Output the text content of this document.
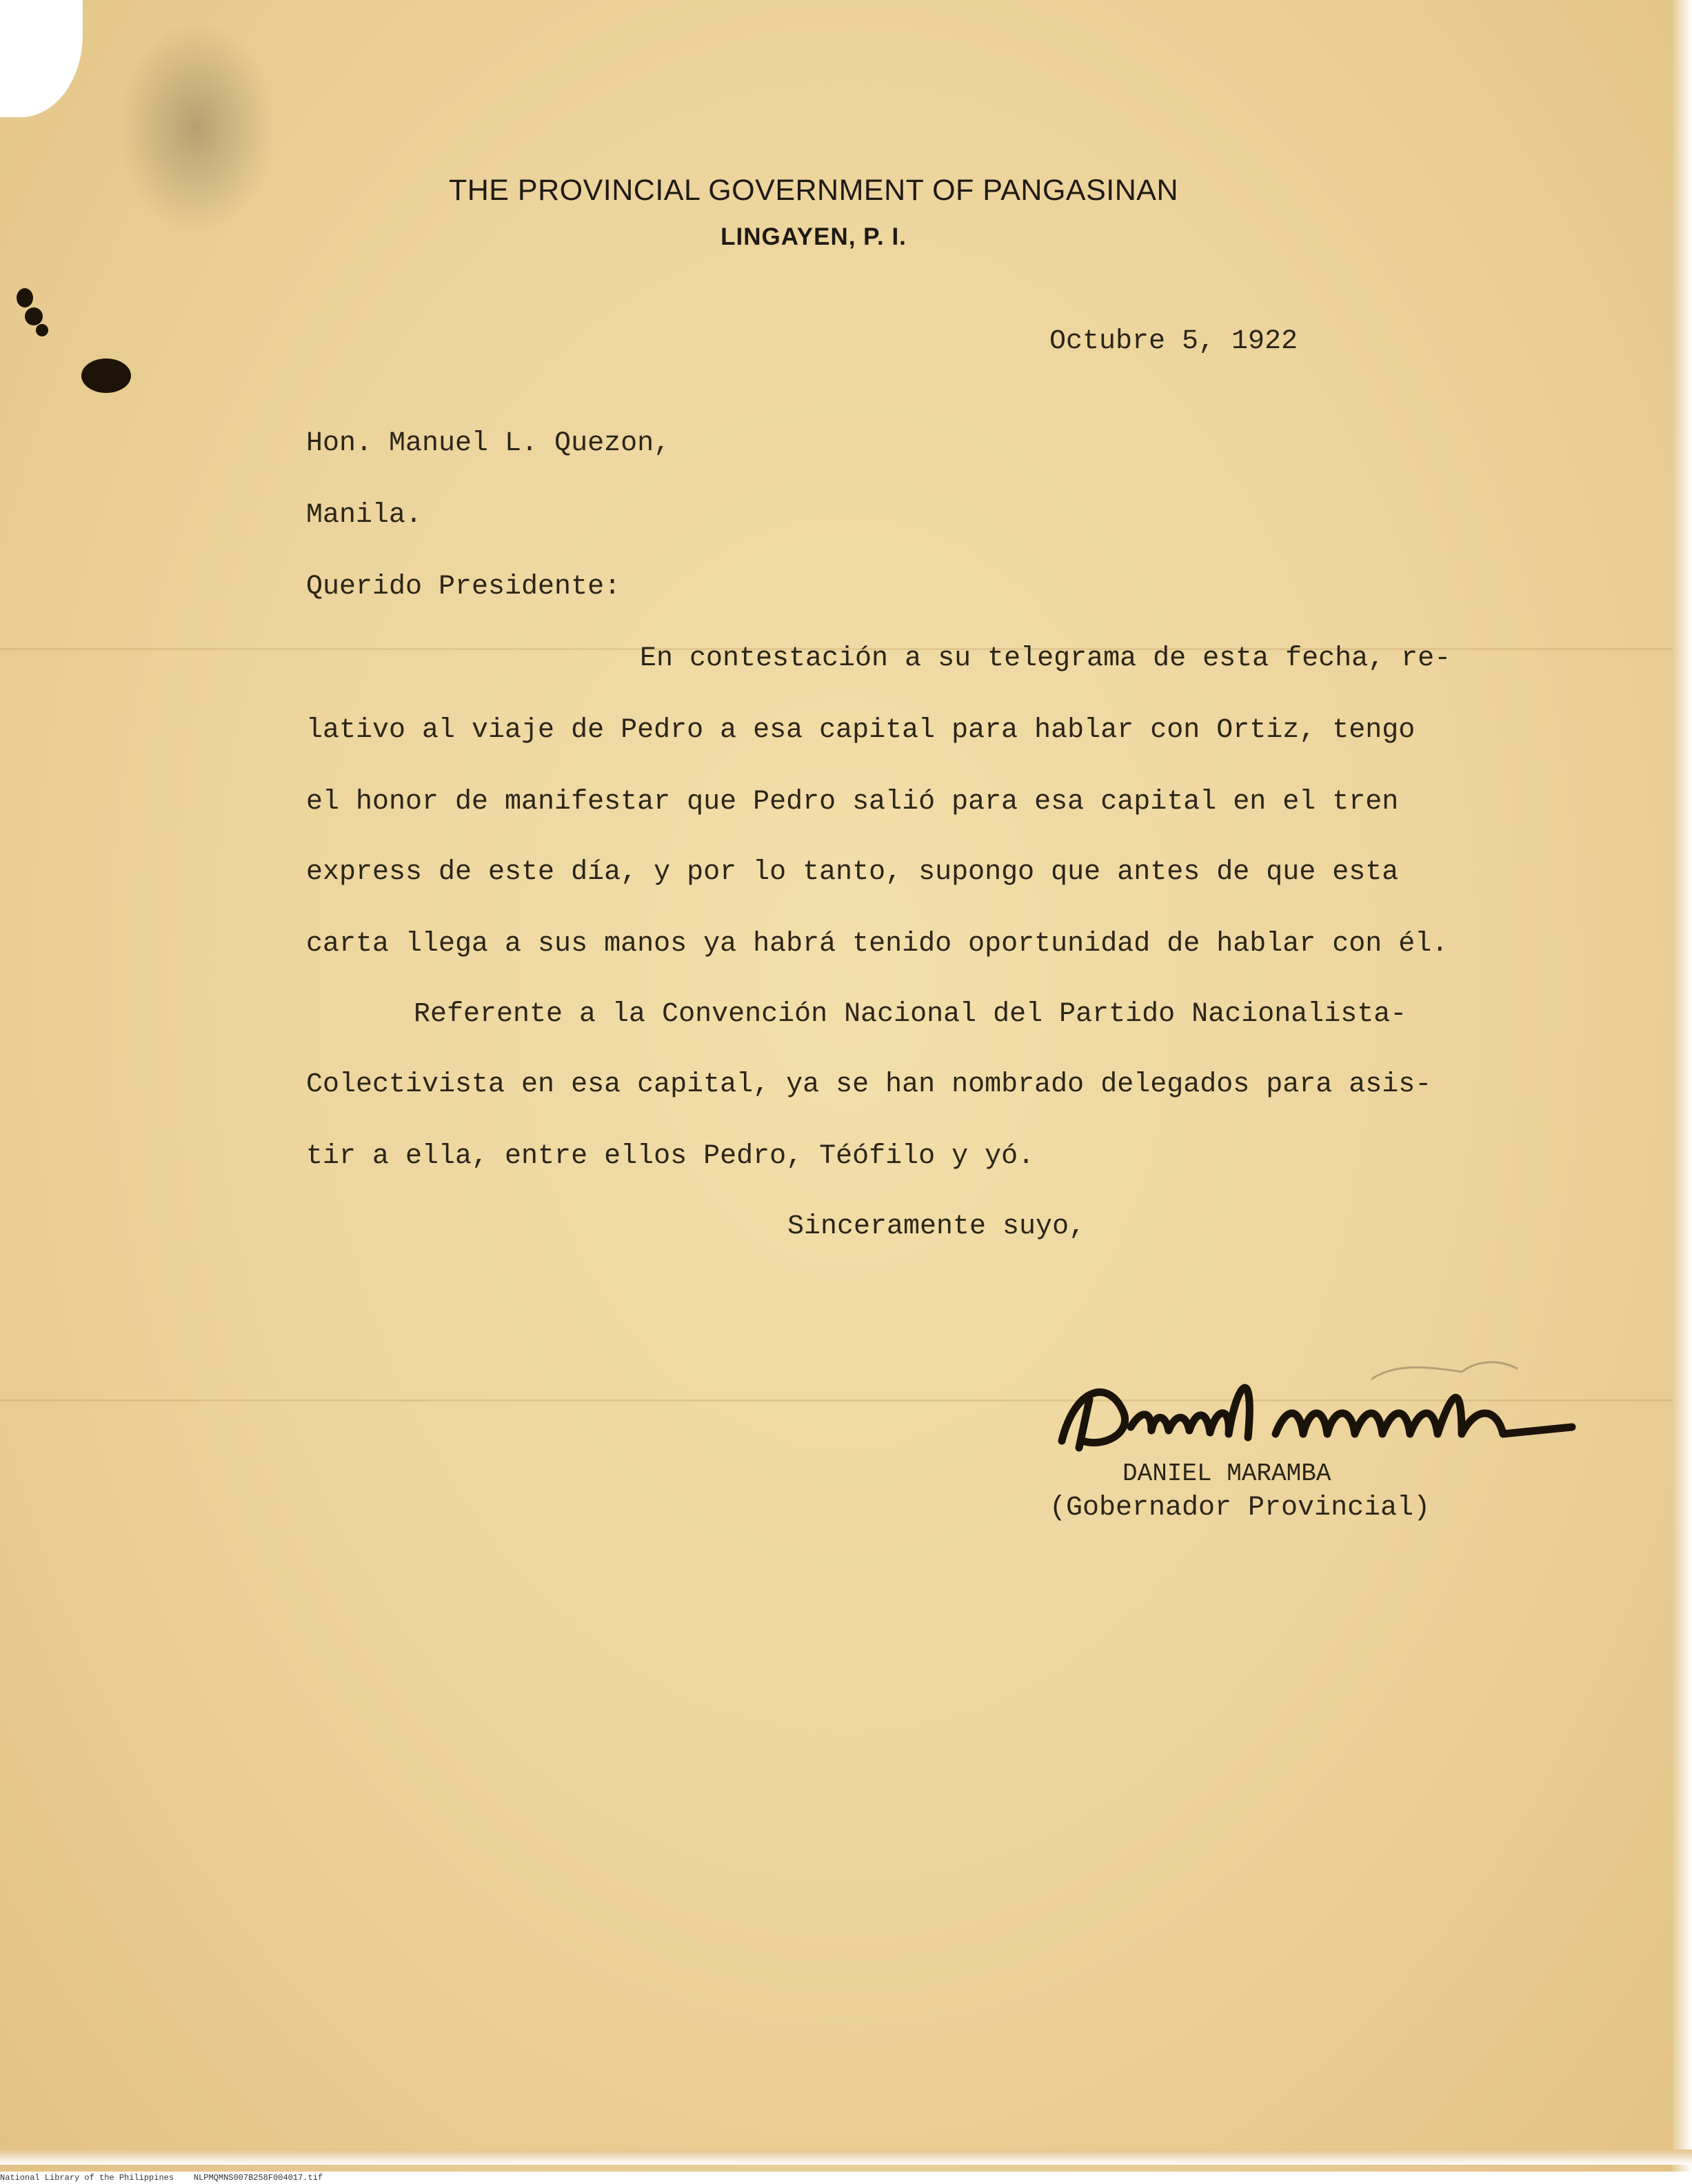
THE PROVINCIAL GOVERNMENT OF PANGASINAN
LINGAYEN, P. I.
Octubre 5, 1922
Hon. Manuel L. Quezon,
Manila.
Querido Presidente:
En contestación a su telegrama de esta fecha, re-
lativo al viaje de Pedro a esa capital para hablar con Ortiz, tengo
el honor de manifestar que Pedro salió para esa capital en el tren
express de este día, y por lo tanto, supongo que antes de que esta
carta llega a sus manos ya habrá tenido oportunidad de hablar con él.
Referente a la Convención Nacional del Partido Nacionalista-
Colectivista en esa capital, ya se han nombrado delegados para asis-
tir a ella, entre ellos Pedro, Téófilo y yó.
Sinceramente suyo,
DANIEL MARAMBA
(Gobernador Provincial)
National Library of the Philippines NLPMQMNS007B258F004017.tif
